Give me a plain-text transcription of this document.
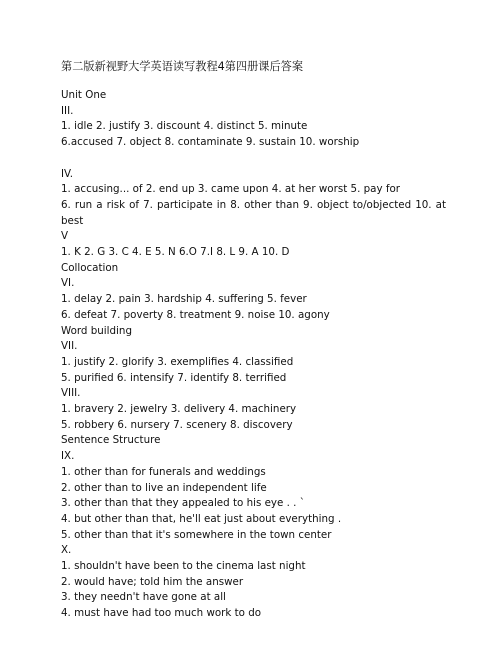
第二版新视野大学英语读写教程4第四册课后答案
Unit One
III.
1. idle 2. justify 3. discount 4. distinct 5. minute
6.accused 7. object 8. contaminate 9. sustain 10. worship
IV.
1. accusing... of 2. end up 3. came upon 4. at her worst 5. pay for
6. run a risk of 7. participate in 8. other than 9. object to/objected 10. at best
V
1. K 2. G 3. C 4. E 5. N 6.O 7.I 8. L 9. A 10. D
Collocation
VI.
1. delay 2. pain 3. hardship 4. suffering 5. fever
6. defeat 7. poverty 8. treatment 9. noise 10. agony
Word building
VII.
1. justify 2. glorify 3. exemplifies 4. classified
5. purified 6. intensify 7. identify 8. terrified
VIII.
1. bravery 2. jewelry 3. delivery 4. machinery
5. robbery 6. nursery 7. scenery 8. discovery
Sentence Structure
IX.
1. other than for funerals and weddings
2. other than to live an independent life
3. other than that they appealed to his eye . . `
4. but other than that, he'll eat just about everything .
5. other than that it's somewhere in the town center
X.
1. shouldn't have been to the cinema last night
2. would have; told him the answer
3. they needn't have gone at all
4. must have had too much work to do
